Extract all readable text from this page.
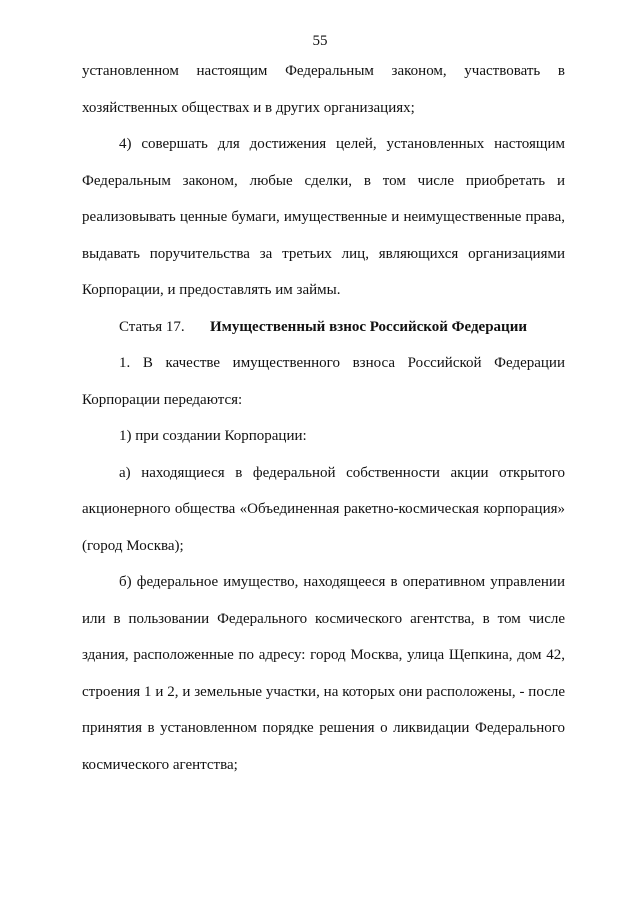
55
установленном настоящим Федеральным законом, участвовать в
хозяйственных обществах и в других организациях;
4) совершать для достижения целей, установленных настоящим
Федеральным законом, любые сделки, в том числе приобретать и
реализовывать ценные бумаги, имущественные и неимущественные права,
выдавать поручительства за третьих лиц, являющихся организациями
Корпорации, и предоставлять им займы.
Статья 17. Имущественный взнос Российской Федерации
1. В качестве имущественного взноса Российской Федерации
Корпорации передаются:
1) при создании Корпорации:
а) находящиеся в федеральной собственности акции открытого
акционерного общества «Объединенная ракетно-космическая корпорация»
(город Москва);
б) федеральное имущество, находящееся в оперативном управлении
или в пользовании Федерального космического агентства, в том числе
здания, расположенные по адресу: город Москва, улица Щепкина, дом 42,
строения 1 и 2, и земельные участки, на которых они расположены, - после
принятия в установленном порядке решения о ликвидации Федерального
космического агентства;
